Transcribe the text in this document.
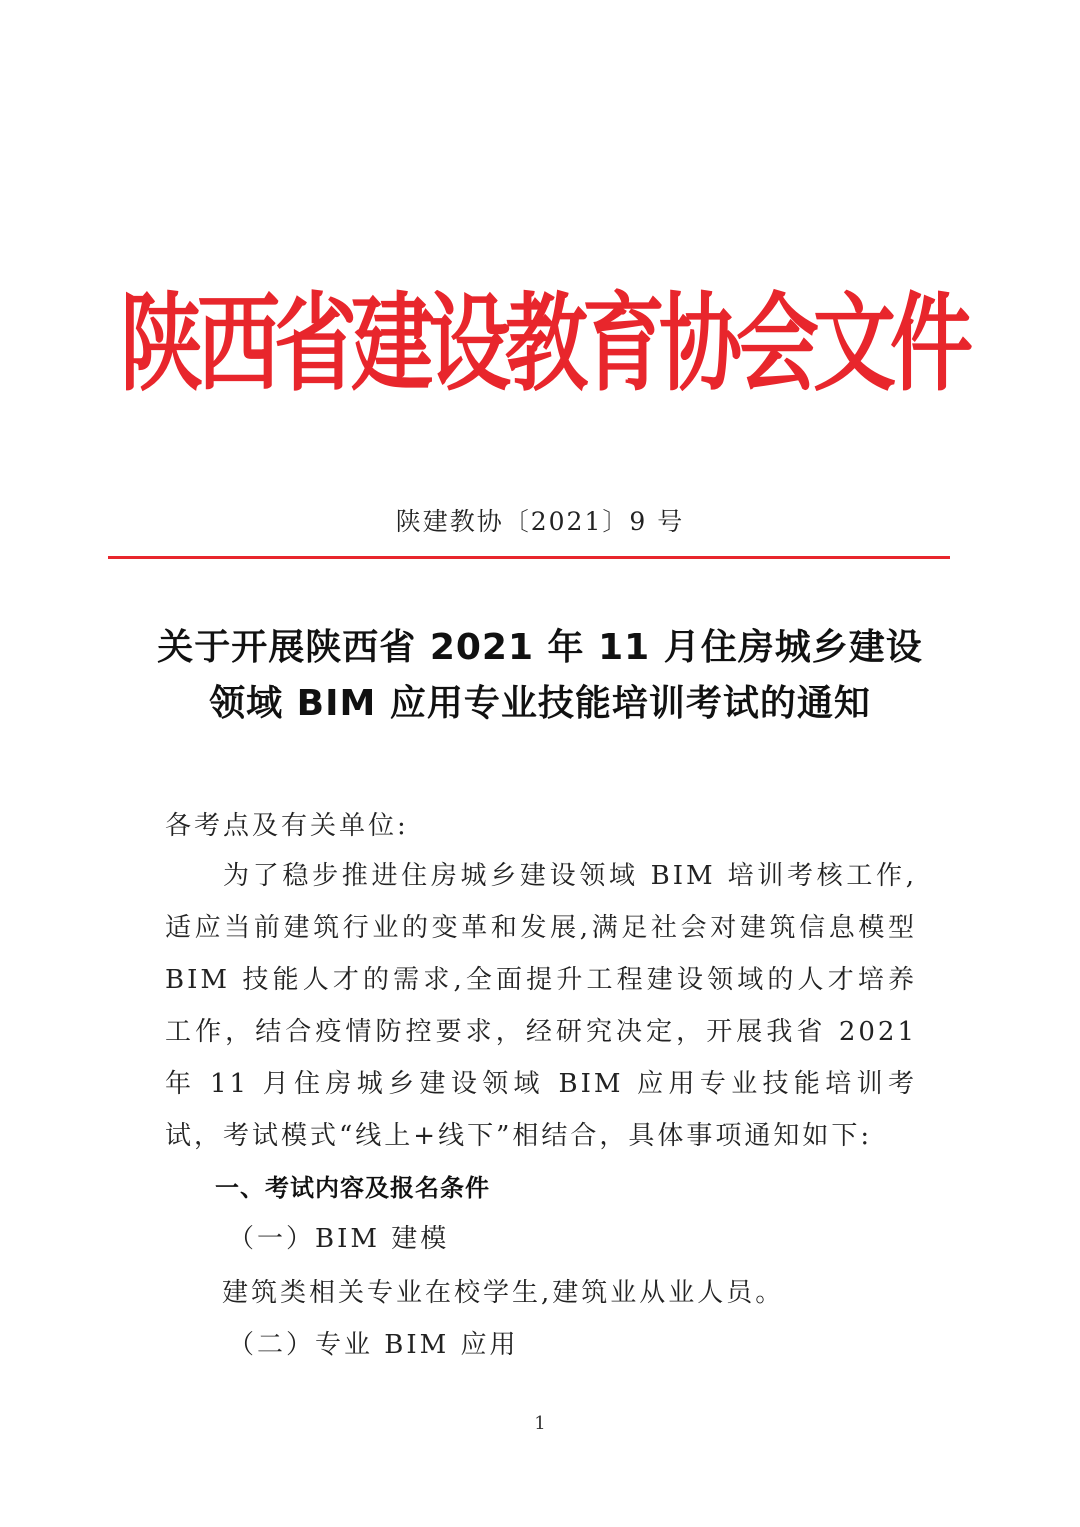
陕西省建设教育协会文件
陕建教协〔2021〕9 号
关于开展陕西省 2021 年 11 月住房城乡建设
领域 BIM 应用专业技能培训考试的通知
各考点及有关单位:
为了稳步推进住房城乡建设领域 BIM 培训考核工作,适应当前建筑行业的变革和发展,满足社会对建筑信息模型 BIM 技能人才的需求,全面提升工程建设领域的人才培养工作，结合疫情防控要求，经研究决定，开展我省 2021 年 11 月住房城乡建设领域 BIM 应用专业技能培训考试，考试模式“线上+线下”相结合，具体事项通知如下:
一、考试内容及报名条件
（一）BIM 建模
建筑类相关专业在校学生,建筑业从业人员。
（二）专业 BIM 应用
1
